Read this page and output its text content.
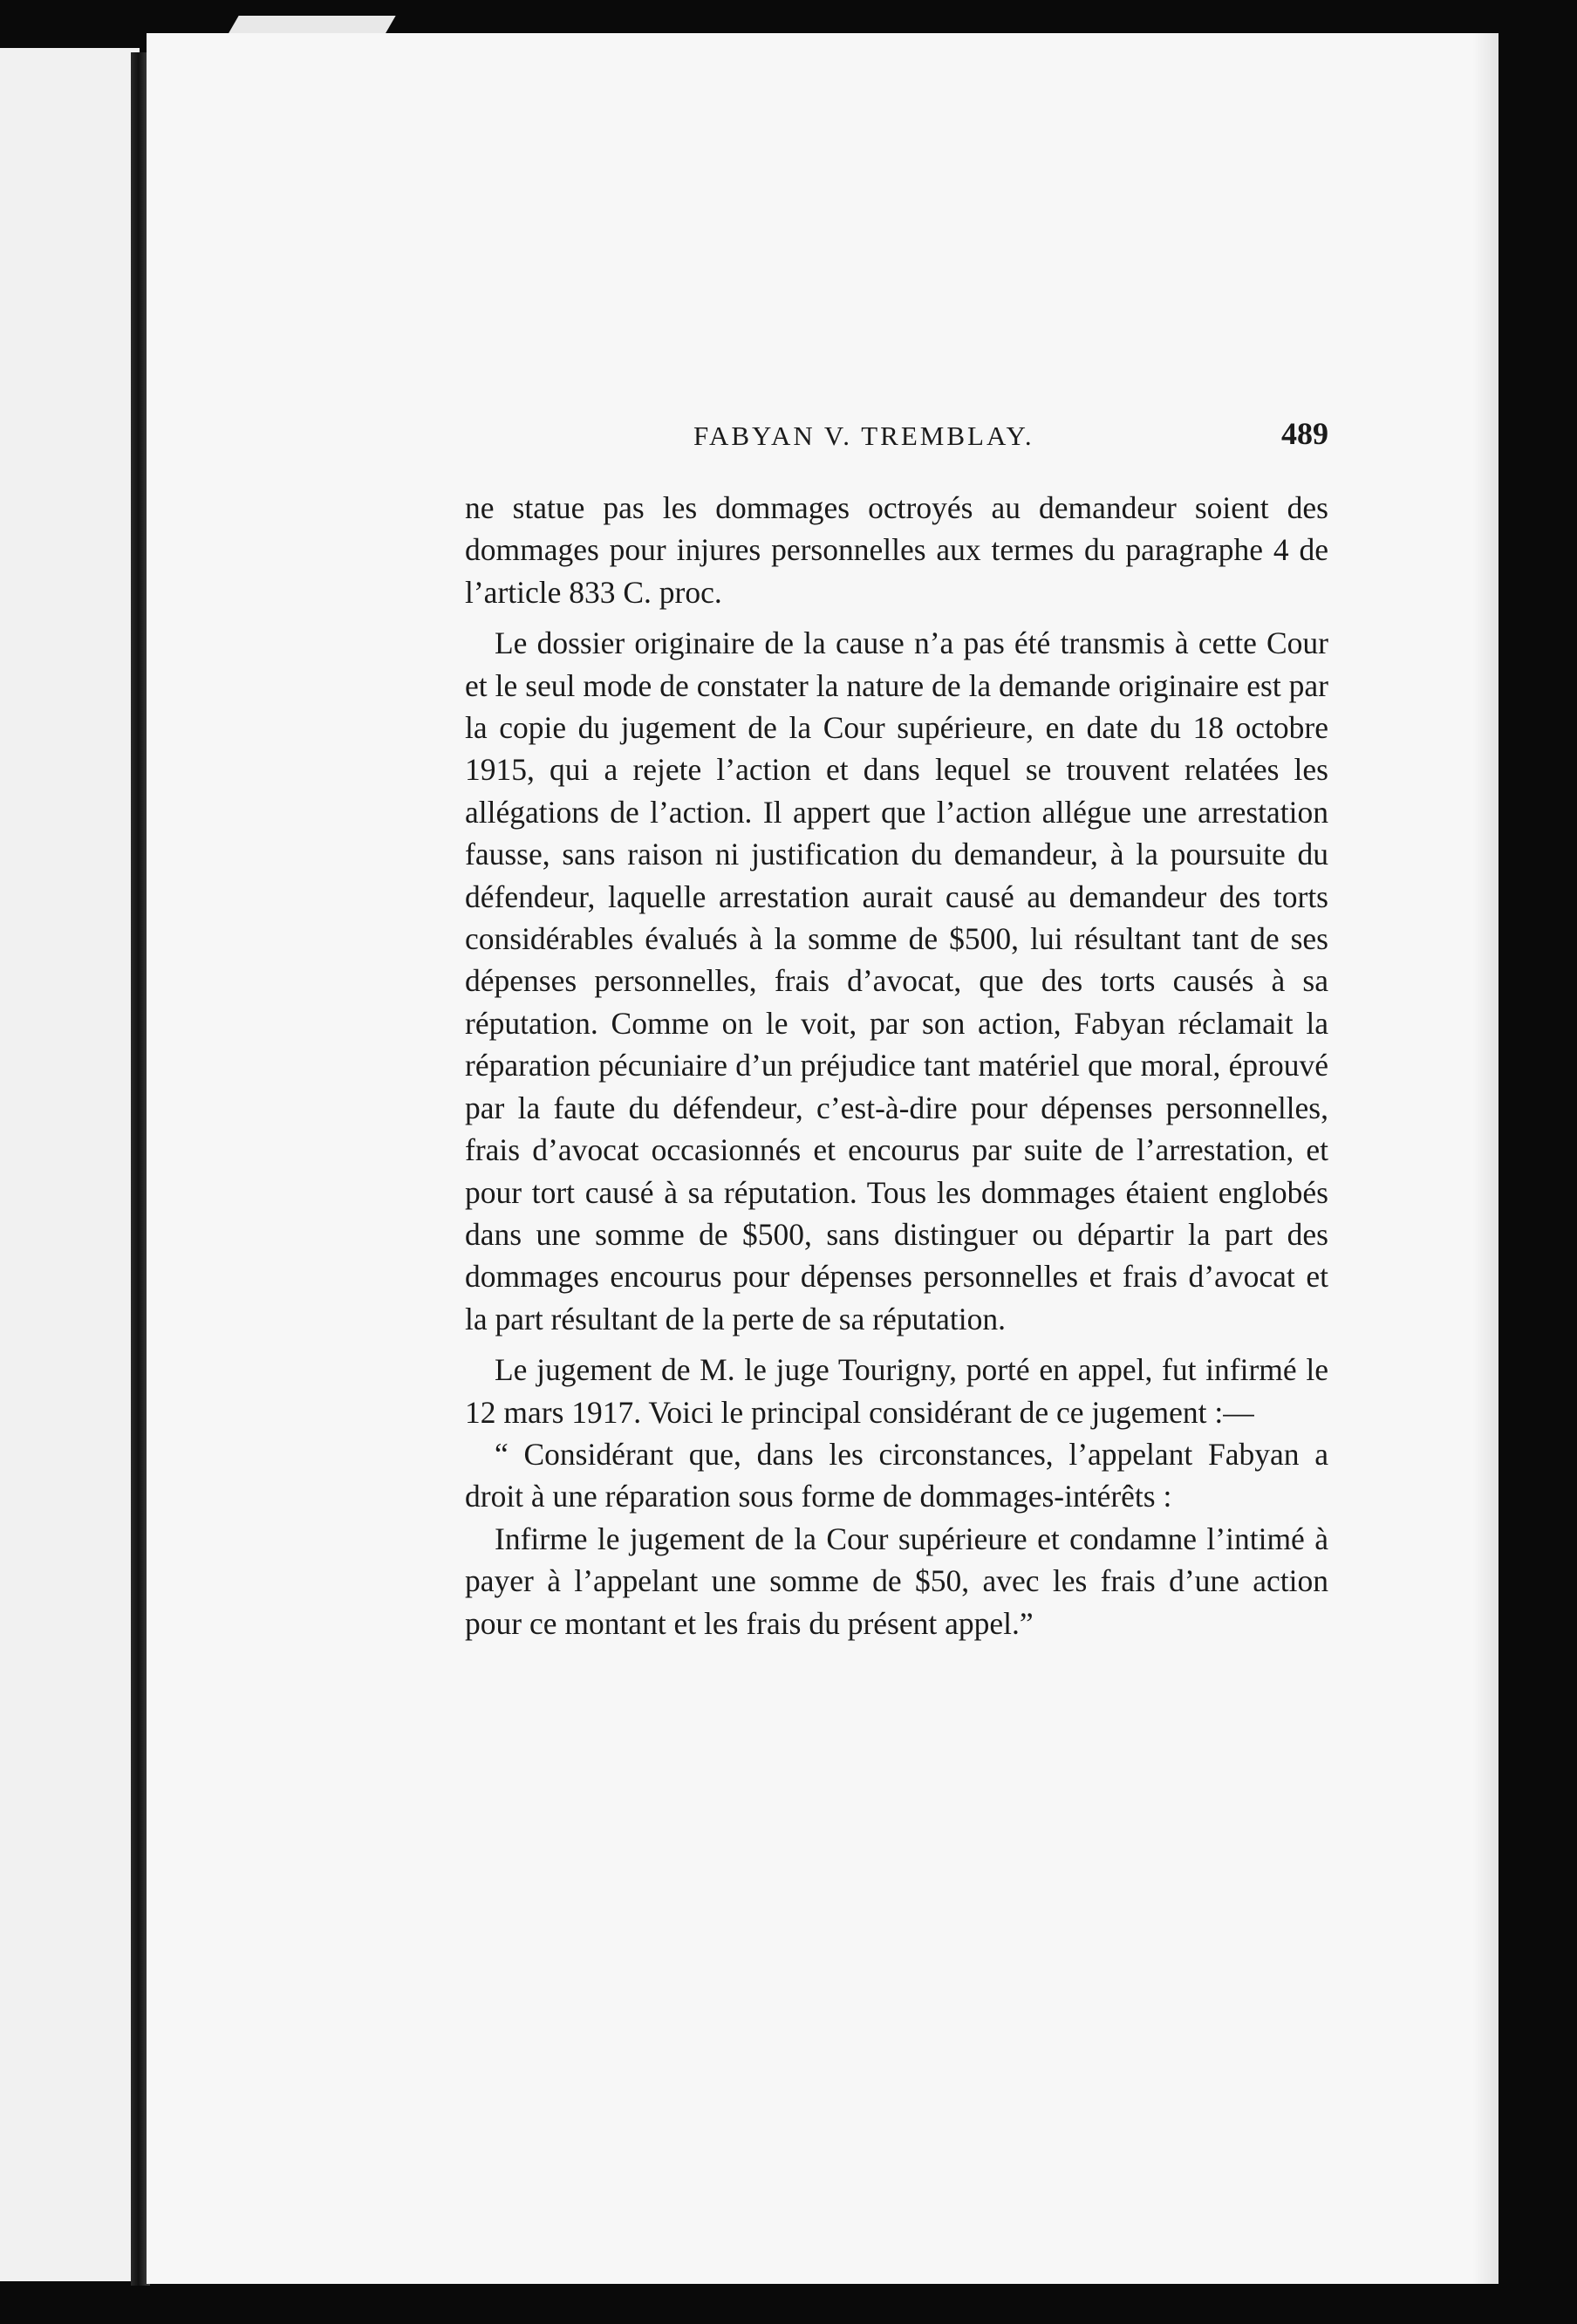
FABYAN V. TREMBLAY.	489

ne statue pas les dommages octroyés au demandeur soient des dommages pour injures personnelles aux termes du paragraphe 4 de l’article 833 C. proc.

Le dossier originaire de la cause n’a pas été transmis à cette Cour et le seul mode de constater la nature de la demande originaire est par la copie du jugement de la Cour supérieure, en date du 18 octobre 1915, qui a rejete l’action et dans lequel se trouvent relatées les allégations de l’action. Il appert que l’action allégue une arrestation fausse, sans raison ni justification du demandeur, à la poursuite du défendeur, laquelle arrestation aurait causé au demandeur des torts considérables évalués à la somme de $500, lui résultant tant de ses dépenses personnelles, frais d’avocat, que des torts causés à sa réputation. Comme on le voit, par son action, Fabyan réclamait la réparation pécuniaire d’un préjudice tant matériel que moral, éprouvé par la faute du défendeur, c’est-à-dire pour dépenses personnelles, frais d’avocat occasionnés et encourus par suite de l’arrestation, et pour tort causé à sa réputation. Tous les dommages étaient englobés dans une somme de $500, sans distinguer ou départir la part des dommages encourus pour dépenses personnelles et frais d’avocat et la part résultant de la perte de sa réputation.

Le jugement de M. le juge Tourigny, porté en appel, fut infirmé le 12 mars 1917. Voici le principal considérant de ce jugement :—

“ Considérant que, dans les circonstances, l’appelant Fabyan a droit à une réparation sous forme de dommages-intérêts :

Infirme le jugement de la Cour supérieure et condamne l’intimé à payer à l’appelant une somme de $50, avec les frais d’une action pour ce montant et les frais du présent appel.”
